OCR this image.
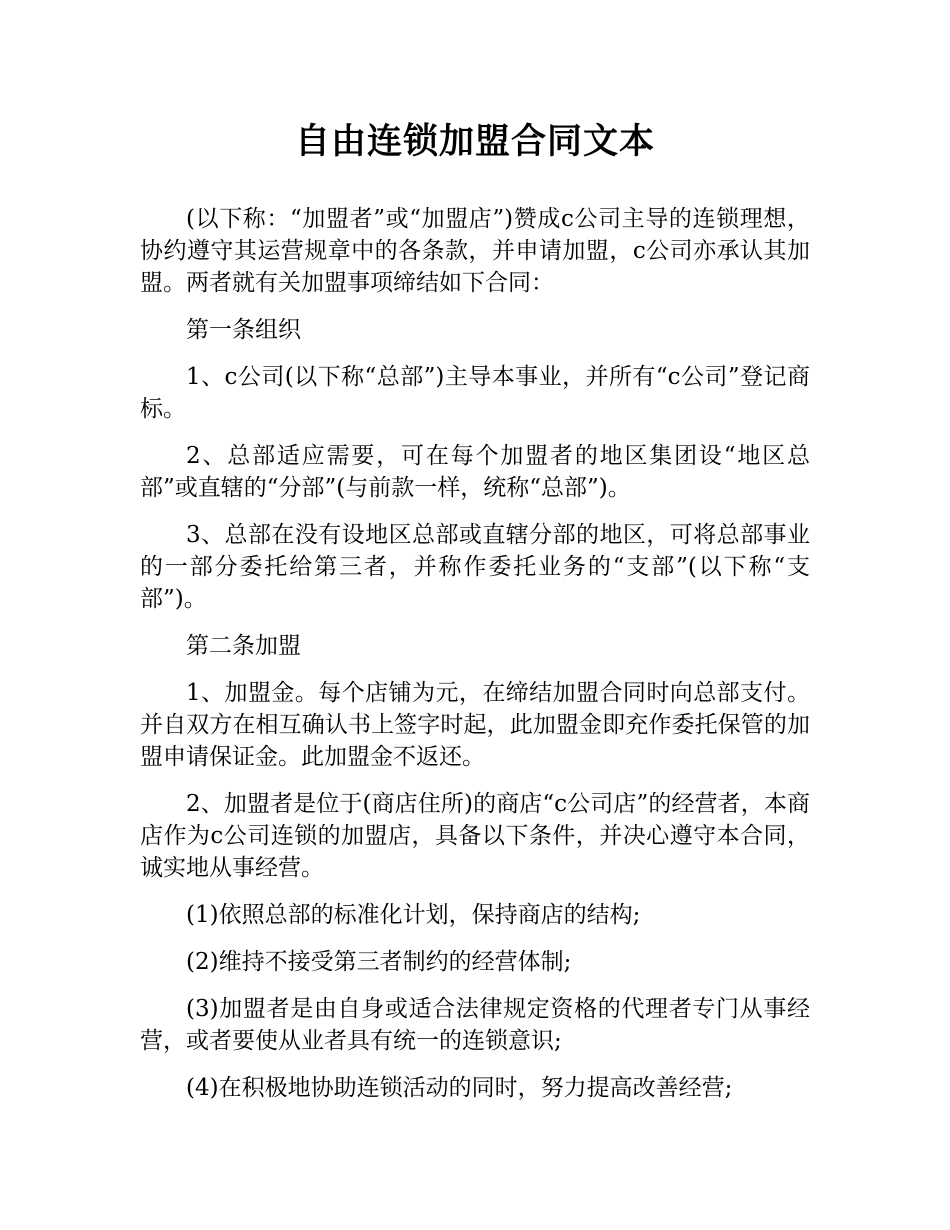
自由连锁加盟合同文本

(以下称：“加盟者”或“加盟店”)赞成c公司主导的连锁理想，协约遵守其运营规章中的各条款，并申请加盟，c公司亦承认其加盟。两者就有关加盟事项缔结如下合同：

第一条组织

1、c公司(以下称“总部”)主导本事业，并所有“c公司”登记商标。

2、总部适应需要，可在每个加盟者的地区集团设“地区总部”或直辖的“分部”(与前款一样，统称“总部”)。

3、总部在没有设地区总部或直辖分部的地区，可将总部事业的一部分委托给第三者，并称作委托业务的“支部”(以下称“支部”)。

第二条加盟

1、加盟金。每个店铺为元，在缔结加盟合同时向总部支付。并自双方在相互确认书上签字时起，此加盟金即充作委托保管的加盟申请保证金。此加盟金不返还。

2、加盟者是位于(商店住所)的商店“c公司店”的经营者，本商店作为c公司连锁的加盟店，具备以下条件，并决心遵守本合同，诚实地从事经营。

(1)依照总部的标准化计划，保持商店的结构;

(2)维持不接受第三者制约的经营体制;

(3)加盟者是由自身或适合法律规定资格的代理者专门从事经营，或者要使从业者具有统一的连锁意识;

(4)在积极地协助连锁活动的同时，努力提高改善经营;
